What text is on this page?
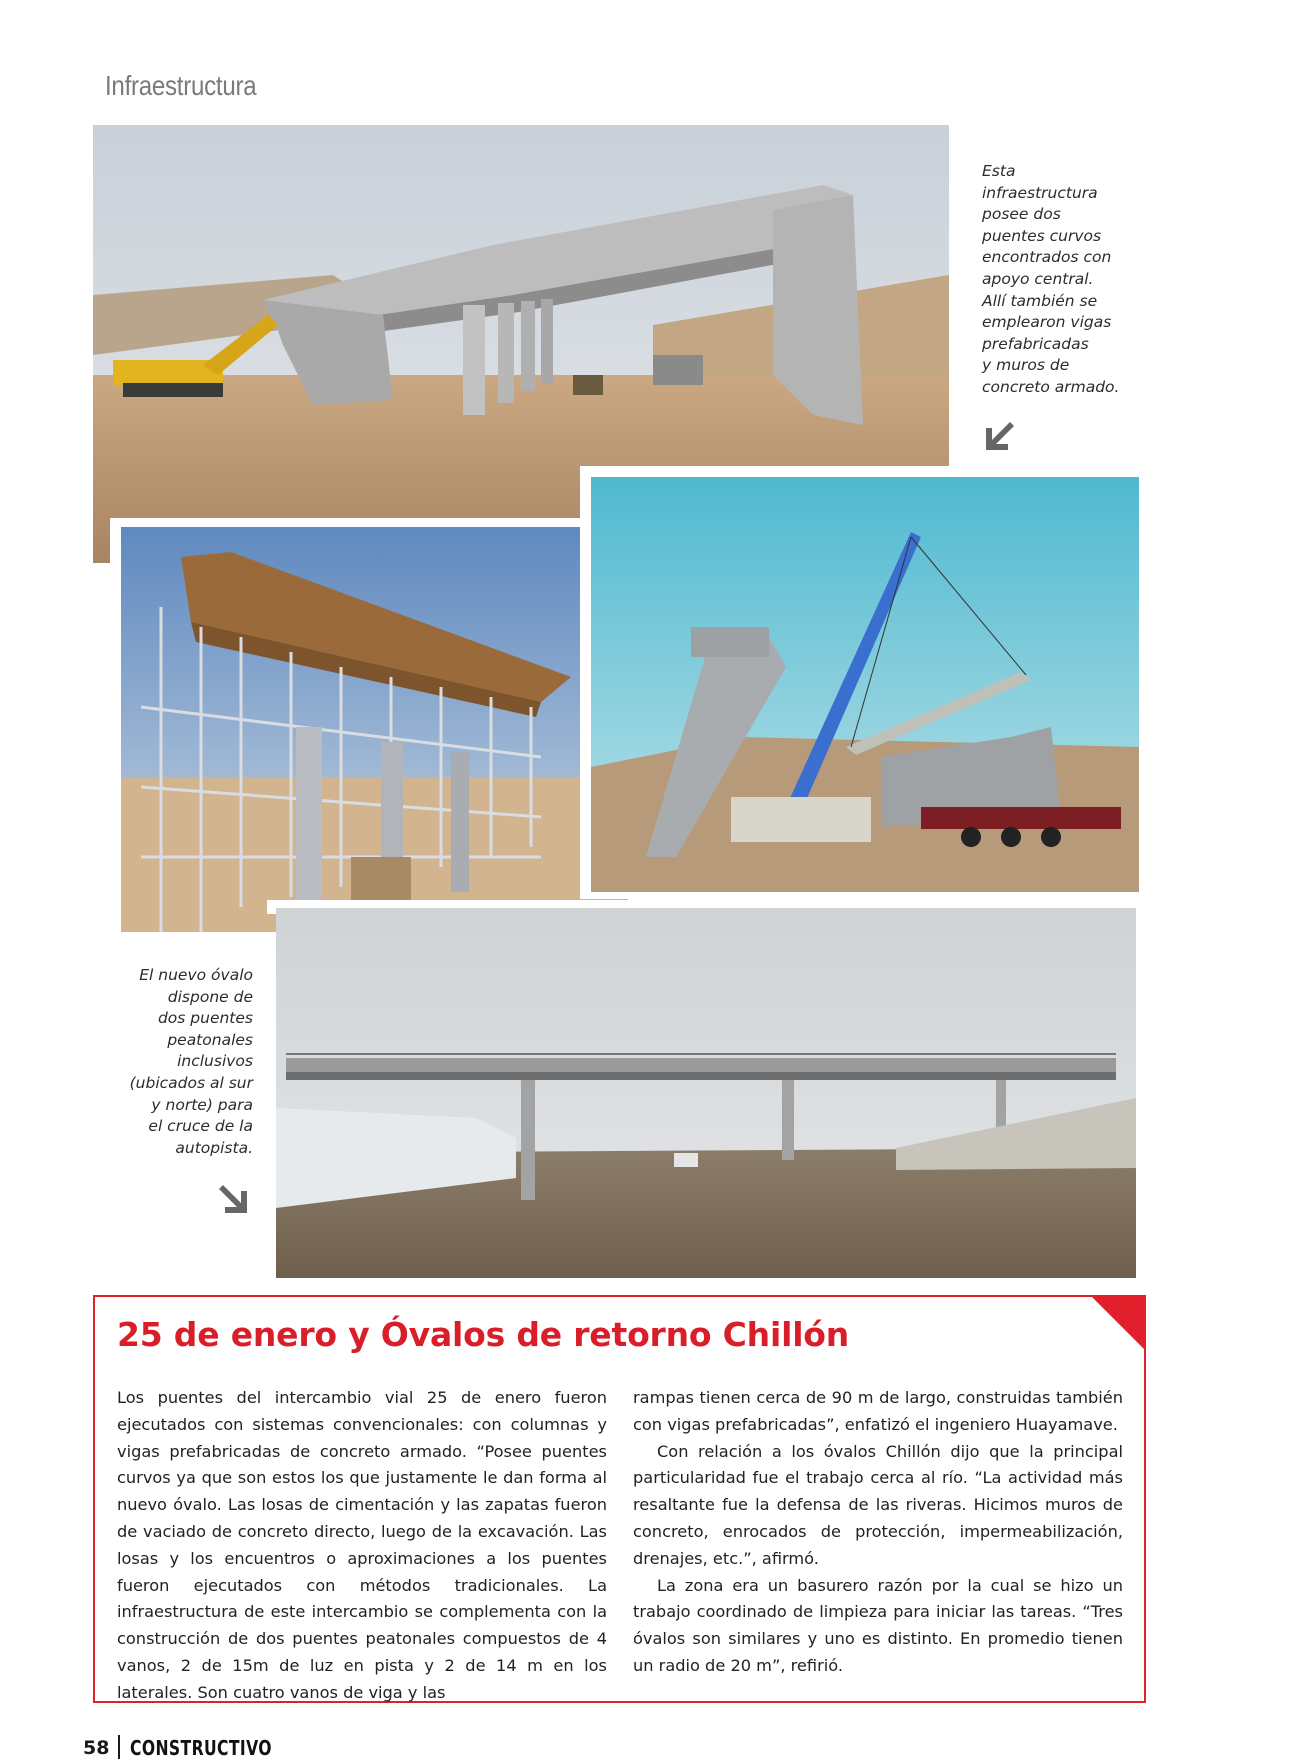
Infraestructura

Esta

infraestructura

posee dos

puentes curvos

encontrados con

apoyo central.

Allí también se

emplearon vigas

prefabricadas

y muros de

concreto armado.

El nuevo óvalo

dispone de

dos puentes

peatonales

inclusivos

(ubicados al sur

y norte) para

el cruce de la

autopista.

25 de enero y Óvalos de retorno Chillón

Los puentes del intercambio vial 25 de enero fueron ejecutados con sistemas convencionales: con columnas y vigas prefabricadas de concreto armado. “Posee puentes curvos ya que son estos los que justamente le dan forma al nuevo óvalo. Las losas de cimentación y las zapatas fueron de vaciado de concreto directo, luego de la excavación. Las losas y los encuentros o aproximaciones a los puentes fueron ejecutados con métodos tradicionales. La infraestructura de este intercambio se complementa con la construcción de dos puentes peatonales compuestos de 4 vanos, 2 de 15m de luz en pista y 2 de 14 m en los laterales. Son cuatro vanos de viga y las

rampas tienen cerca de 90 m de largo, construidas también con vigas prefabricadas”, enfatizó el ingeniero Huayamave.

Con relación a los óvalos Chillón dijo que la principal particularidad fue el trabajo cerca al río. “La actividad más resaltante fue la defensa de las riveras. Hicimos muros de concreto, enrocados de protección, impermeabilización, drenajes, etc.”, afirmó.

La zona era un basurero razón por la cual se hizo un trabajo coordinado de limpieza para iniciar las tareas. “Tres óvalos son similares y uno es distinto. En promedio tienen un radio de 20 m”, refirió.

58 CONSTRUCTIVO
